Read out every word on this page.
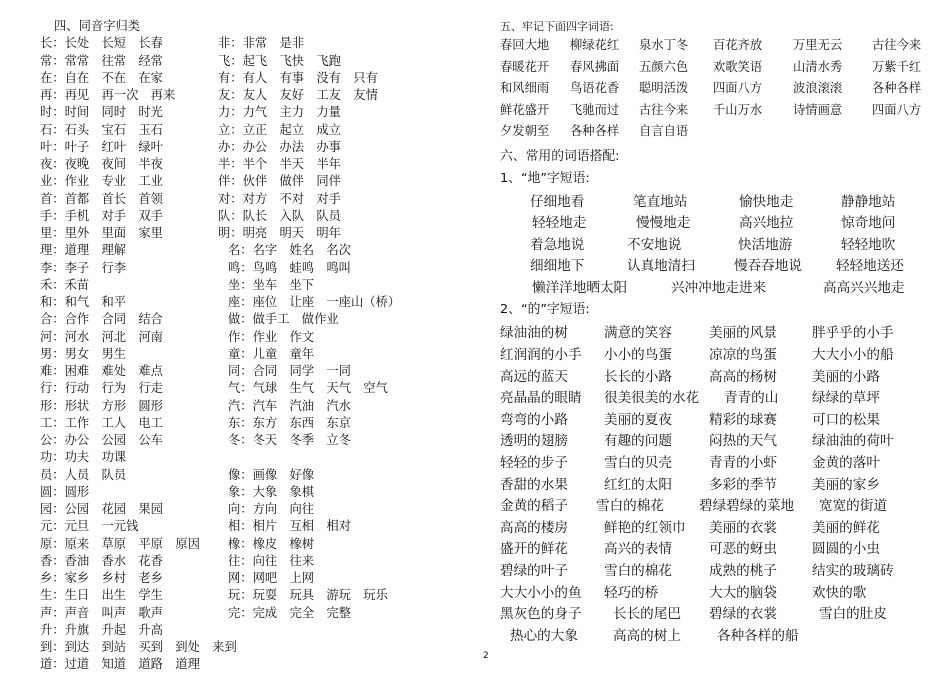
四、同音字归类
长：长处　长短　长春	非：非常　是非
常：常常　往常　经常	飞：起飞　飞快　飞跑
在：自在　不在　在家	有：有人　有事　没有　只有
再：再见　再一次　再来	友：友人　友好　工友　友情
时：时间　同时　时光	力：力气　主力　力量
石：石头　宝石　玉石	立：立正　起立　成立
叶：叶子　红叶　绿叶	办：办公　办法　办事
夜：夜晚　夜间　半夜	半：半个　半天　半年
业：作业　专业　工业	伴：伙伴　做伴　同伴
首：首都　首长　首领	对：对方　不对　对手
手：手机　对手　双手	队：队长　入队　队员
里：里外　里面　家里	明：明亮　明天　明年
理：道理　理解	名：名字　姓名　名次
李：李子　行李	鸣：鸟鸣　蛙鸣　鸣叫
禾：禾苗	坐：坐车　坐下
和：和气　和平	座：座位　让座　一座山（桥）
合：合作　合同　结合	做：做手工　做作业
河：河水　河北　河南	作：作业　作文
男：男女　男生	童：儿童　童年
难：困难　难处　难点	同：合同　同学　一同
行：行动　行为　行走	气：气球　生气　天气　空气
形：形状　方形　圆形	汽：汽车　汽油　汽水
工：工作　工人　电工	东：东方　东西　东京
公：办公　公园　公车	冬：冬天　冬季　立冬
功：功夫　功课
员：人员　队员	像：画像　好像
圆：圆形	象：大象　象棋
园：公园　花园　果园	向：方向　向往
元：元旦　一元钱	相：相片　互相　相对
原：原来　草原　平原　原因 橡：橡皮　橡树
香：香油　香水　花香	往：向往　往来
乡：家乡　乡村　老乡	网：网吧　上网
生：生日　出生　学生	玩：玩耍　玩具　游玩　玩乐
声：声音　叫声　歌声	完：完成　完全　完整
升：升旗　升起　升高
到：到达　到站　买到　到处　来到
道：过道　知道　道路　道理
五、牢记下面四字词语:
春回大地 柳绿花红 泉水丁冬 百花齐放	万里无云 古往今来
春暖花开 春风拂面 五颜六色 欢歌笑语	山清水秀 万紫千红
和风细雨 鸟语花香 聪明活泼 四面八方	波浪滚滚 各种各样
鲜花盛开 飞驰而过 古往今来 千山万水	诗情画意 四面八方
夕发朝至 各种各样 自言自语
六、常用的词语搭配:
1、“地”字短语:
仔细地看	笔直地站	愉快地走	静静地站
轻轻地走	慢慢地走	高兴地拉	惊奇地问
着急地说	不安地说	快活地游	轻轻地吹
细细地下	认真地清扫	慢吞吞地说	轻轻地送还
懒洋洋地晒太阳	兴冲冲地走进来	高高兴兴地走
2、“的”字短语:
绿油油的树	满意的笑容	美丽的风景	胖乎乎的小手
红润润的小手 小小的鸟蛋	凉凉的鸟蛋	大大小小的船
高远的蓝天	长长的小路	高高的杨树	美丽的小路
亮晶晶的眼睛 很美很美的水花 青青的山 绿绿的草坪
弯弯的小路	美丽的夏夜	精彩的球赛	可口的松果
透明的翅膀	有趣的问题	闷热的天气	绿油油的荷叶
轻轻的步子	雪白的贝壳	青青的小虾	金黄的落叶
香甜的水果	红红的太阳	多彩的季节	美丽的家乡
金黄的稻子 雪白的棉花	碧绿碧绿的菜地 宽宽的街道
高高的楼房	鲜艳的红领巾 美丽的衣裳	美丽的鲜花
盛开的鲜花	高兴的表情	可恶的蚜虫	圆圆的小虫
碧绿的叶子	雪白的棉花	成熟的桃子	结实的玻璃砖
大大小小的鱼 轻巧的桥	大大的脑袋	欢快的歌
黑灰色的身子 长长的尾巴 碧绿的衣裳	雪白的肚皮
热心的大象	高高的树上	各种各样的船
2
